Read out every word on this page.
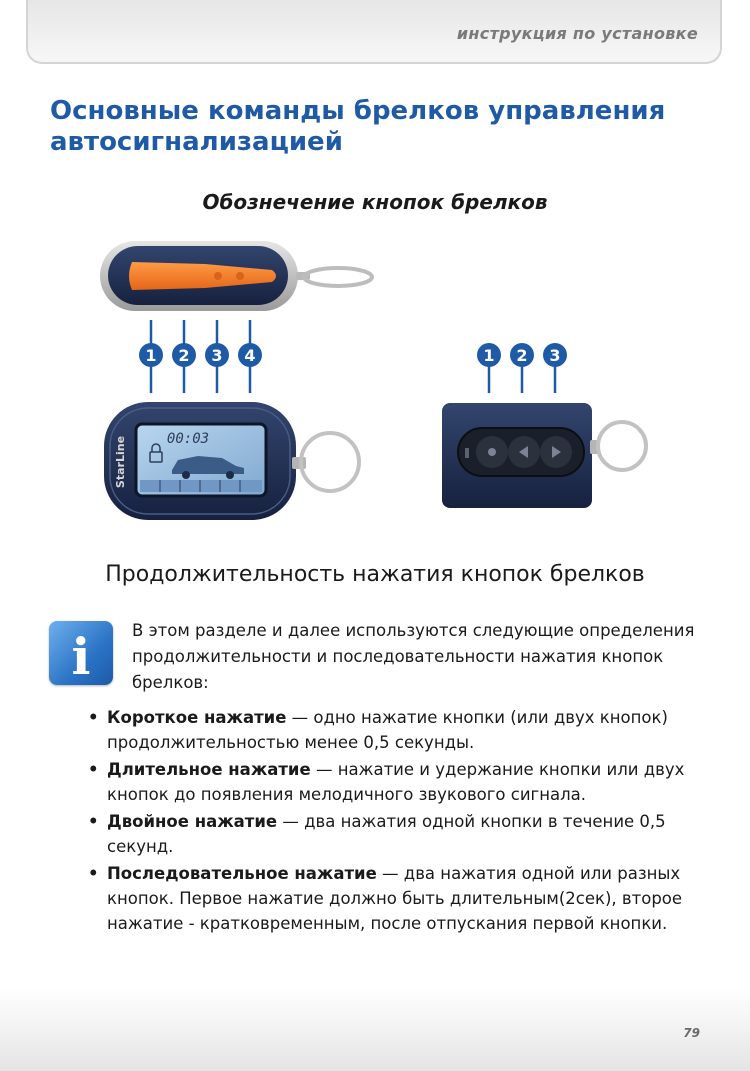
инструкция по установке
Основные команды брелков управления автосигнализацией
Обознечение кнопок брелков
1 2 3 4
00:03
StarLine
1 2 3
Продолжительность нажатия кнопок брелков
i	В этом разделе и далее используются следующие определения продолжительности и последовательности нажатия кнопок брелков:

• Короткое нажатие — одно нажатие кнопки (или двух кнопок) продолжительностью менее 0,5 секунды.
• Длительное нажатие — нажатие и удержание кнопки или двух кнопок до появления мелодичного звукового сигнала.
• Двойное нажатие — два нажатия одной кнопки в течение 0,5 секунд.
• Последовательное нажатие — два нажатия одной или разных кнопок. Первое нажатие должно быть длительным(2сек), второе нажатие - кратковременным, после отпускания первой кнопки.
79
